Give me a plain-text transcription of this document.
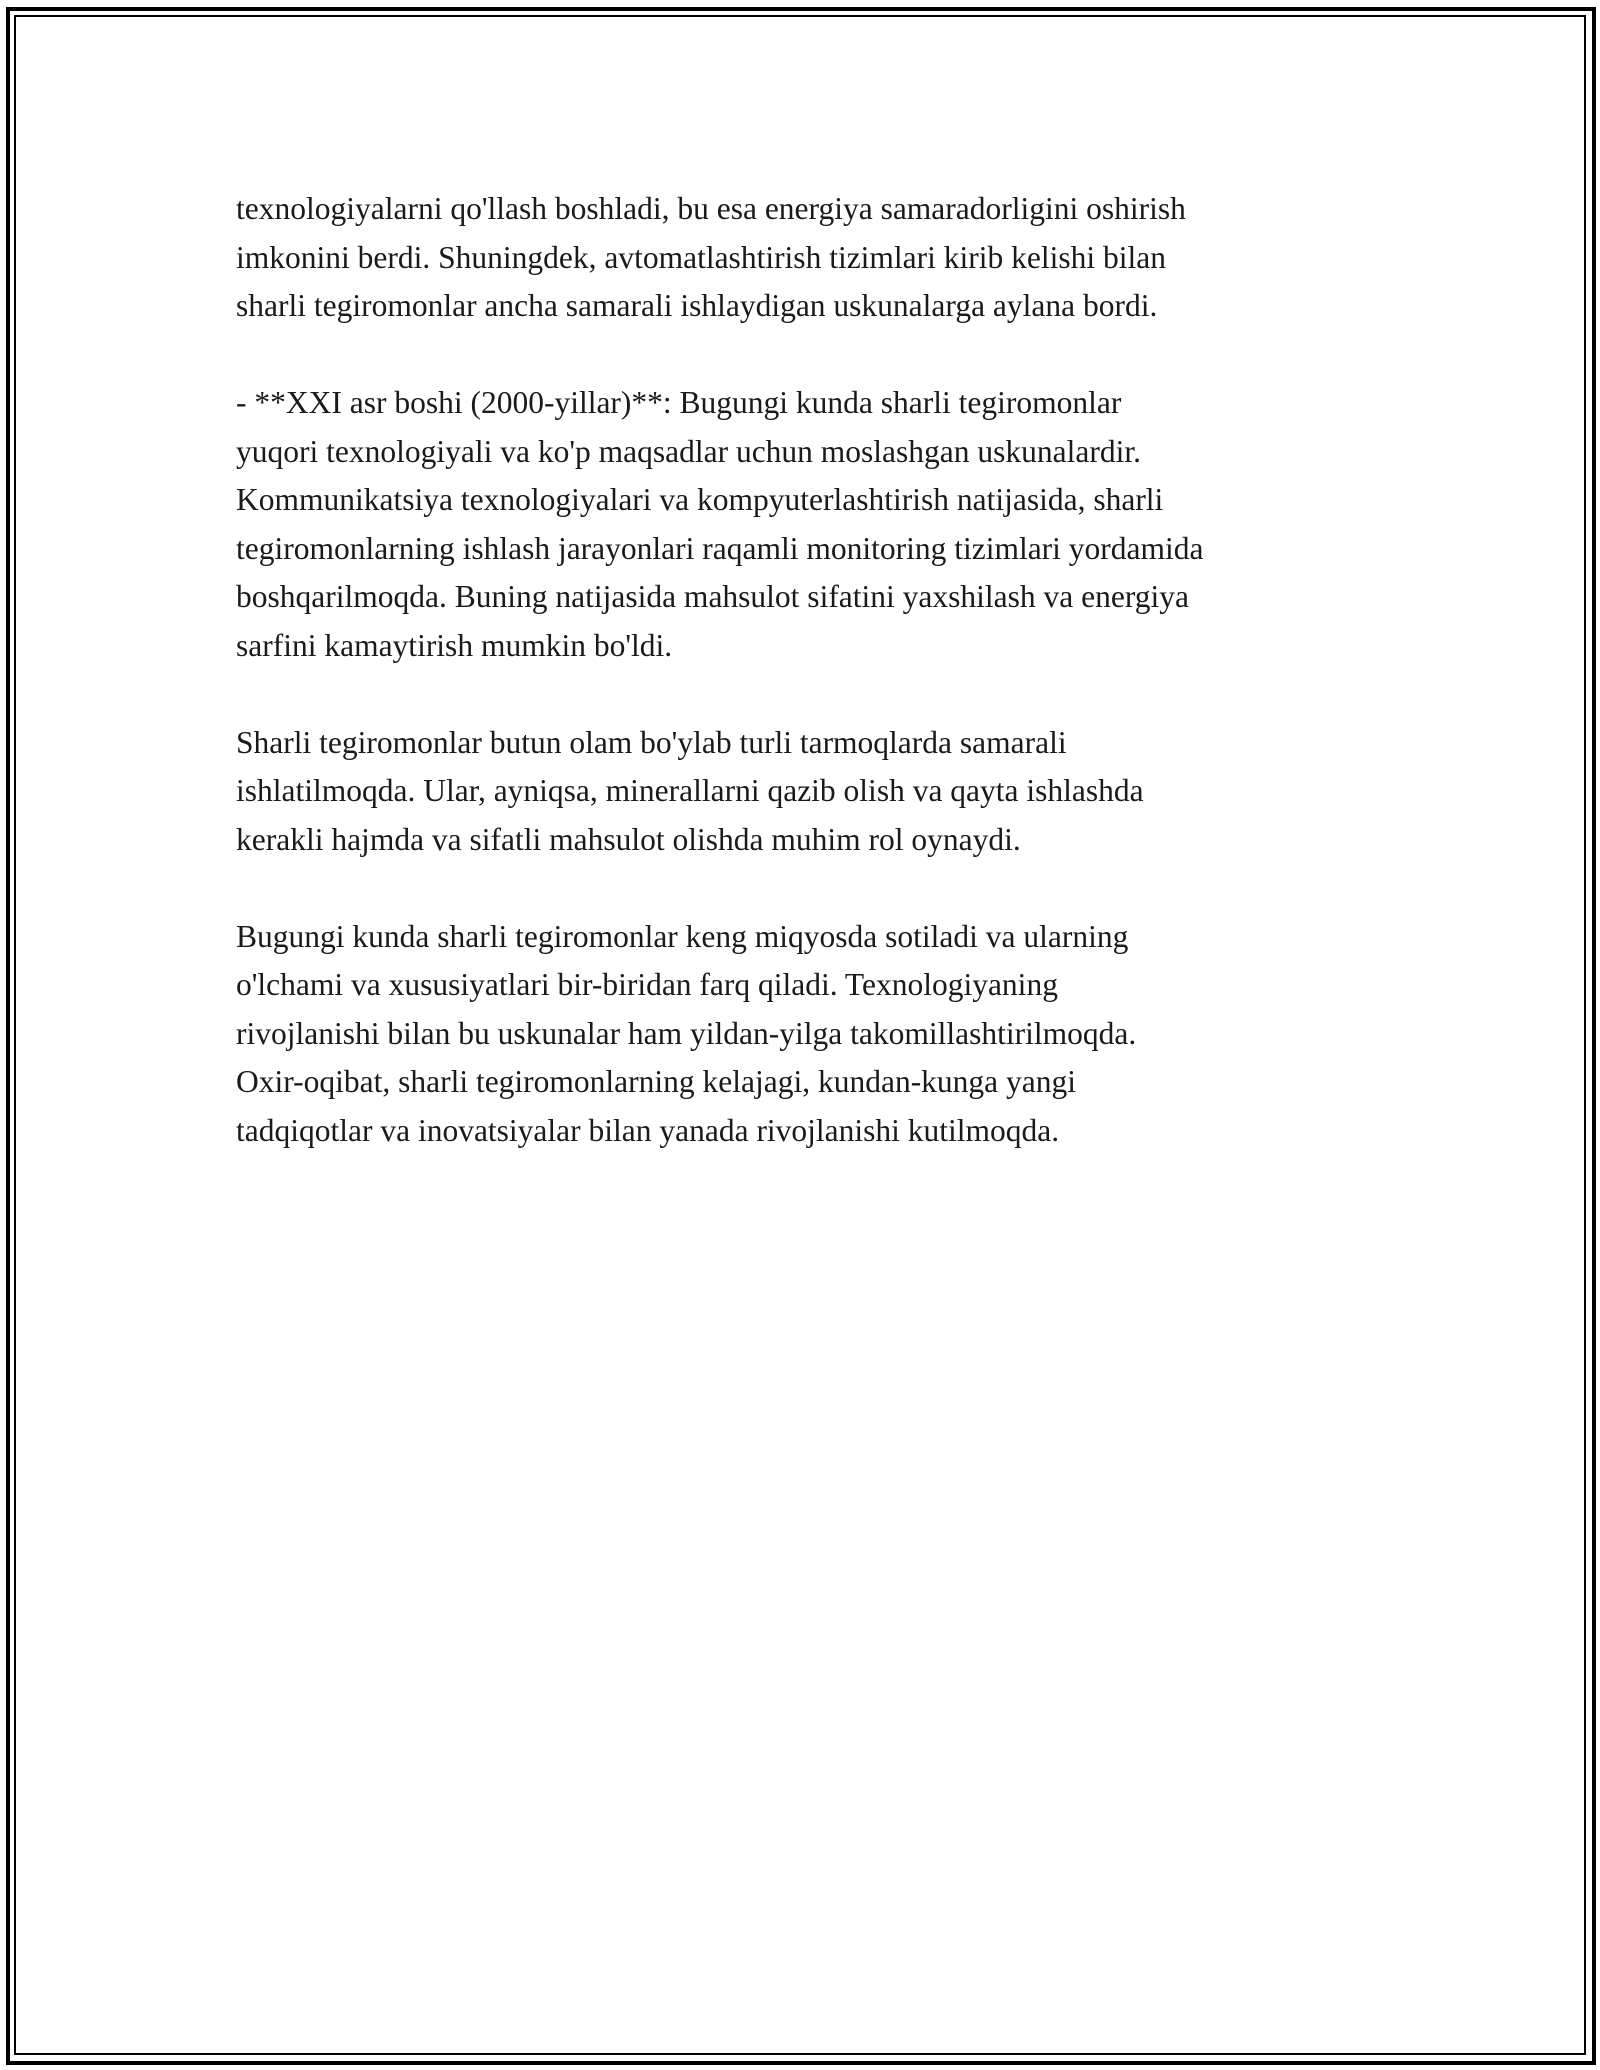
texnologiyalarni qo'llash boshladi, bu esa energiya samaradorligini oshirish
imkonini berdi. Shuningdek, avtomatlashtirish tizimlari kirib kelishi bilan
sharli tegiromonlar ancha samarali ishlaydigan uskunalarga aylana bordi.
- **XXI asr boshi (2000-yillar)**: Bugungi kunda sharli tegiromonlar
yuqori texnologiyali va ko'p maqsadlar uchun moslashgan uskunalardir.
Kommunikatsiya texnologiyalari va kompyuterlashtirish natijasida, sharli
tegiromonlarning ishlash jarayonlari raqamli monitoring tizimlari yordamida
boshqarilmoqda. Buning natijasida mahsulot sifatini yaxshilash va energiya
sarfini kamaytirish mumkin bo'ldi.
Sharli tegiromonlar butun olam bo'ylab turli tarmoqlarda samarali
ishlatilmoqda. Ular, ayniqsa, minerallarni qazib olish va qayta ishlashda
kerakli hajmda va sifatli mahsulot olishda muhim rol oynaydi.
Bugungi kunda sharli tegiromonlar keng miqyosda sotiladi va ularning
o'lchami va xususiyatlari bir-biridan farq qiladi. Texnologiyaning
rivojlanishi bilan bu uskunalar ham yildan-yilga takomillashtirilmoqda.
Oxir-oqibat, sharli tegiromonlarning kelajagi, kundan-kunga yangi
tadqiqotlar va inovatsiyalar bilan yanada rivojlanishi kutilmoqda.
